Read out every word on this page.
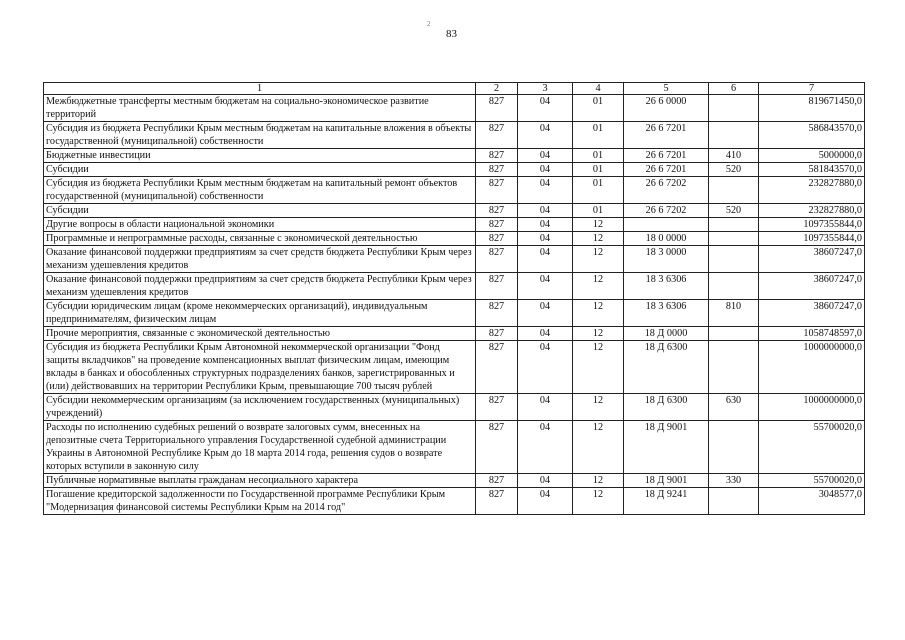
83
2
1	2	3	4	5	6	7
Межбюджетные трансферты местным бюджетам на социально-экономическое развитие территорий	827	04	01	26 6 0000		819671450,0
Субсидия из бюджета Республики Крым местным бюджетам на капитальные вложения в объекты государственной (муниципальной) собственности	827	04	01	26 6 7201		586843570,0
Бюджетные инвестиции	827	04	01	26 6 7201	410	5000000,0
Субсидии	827	04	01	26 6 7201	520	581843570,0
Субсидия из бюджета Республики Крым местным бюджетам на капитальный ремонт объектов государственной (муниципальной) собственности	827	04	01	26 6 7202		232827880,0
Субсидии	827	04	01	26 6 7202	520	232827880,0
Другие вопросы в области национальной экономики	827	04	12			1097355844,0
Программные и непрограммные расходы, связанные с экономической деятельностью	827	04	12	18 0 0000		1097355844,0
Оказание финансовой поддержки предприятиям за счет средств бюджета Республики Крым через механизм удешевления кредитов	827	04	12	18 3 0000		38607247,0
Оказание финансовой поддержки предприятиям за счет средств бюджета Республики Крым через механизм удешевления кредитов	827	04	12	18 3 6306		38607247,0
Субсидии юридическим лицам (кроме некоммерческих организаций), индивидуальным предпринимателям, физическим лицам	827	04	12	18 3 6306	810	38607247,0
Прочие мероприятия, связанные с экономической деятельностью	827	04	12	18 Д 0000		1058748597,0
Субсидия из бюджета Республики Крым Автономной некоммерческой организации "Фонд защиты вкладчиков" на проведение компенсационных выплат физическим лицам, имеющим вклады в банках и обособленных структурных подразделениях банков, зарегистрированных и (или) действовавших на территории Республики Крым, превышающие 700 тысяч рублей	827	04	12	18 Д 6300		1000000000,0
Субсидии некоммерческим организациям (за исключением государственных (муниципальных) учреждений)	827	04	12	18 Д 6300	630	1000000000,0
Расходы по исполнению судебных решений о возврате залоговых сумм, внесенных на депозитные счета Территориального управления Государственной судебной администрации Украины в Автономной Республике Крым до 18 марта 2014 года, решения судов о возврате которых вступили в законную силу	827	04	12	18 Д 9001		55700020,0
Публичные нормативные выплаты гражданам несоциального характера	827	04	12	18 Д 9001	330	55700020,0
Погашение кредиторской задолженности по Государственной программе Республики Крым "Модернизация финансовой системы Республики Крым на 2014 год"	827	04	12	18 Д 9241		3048577,0
